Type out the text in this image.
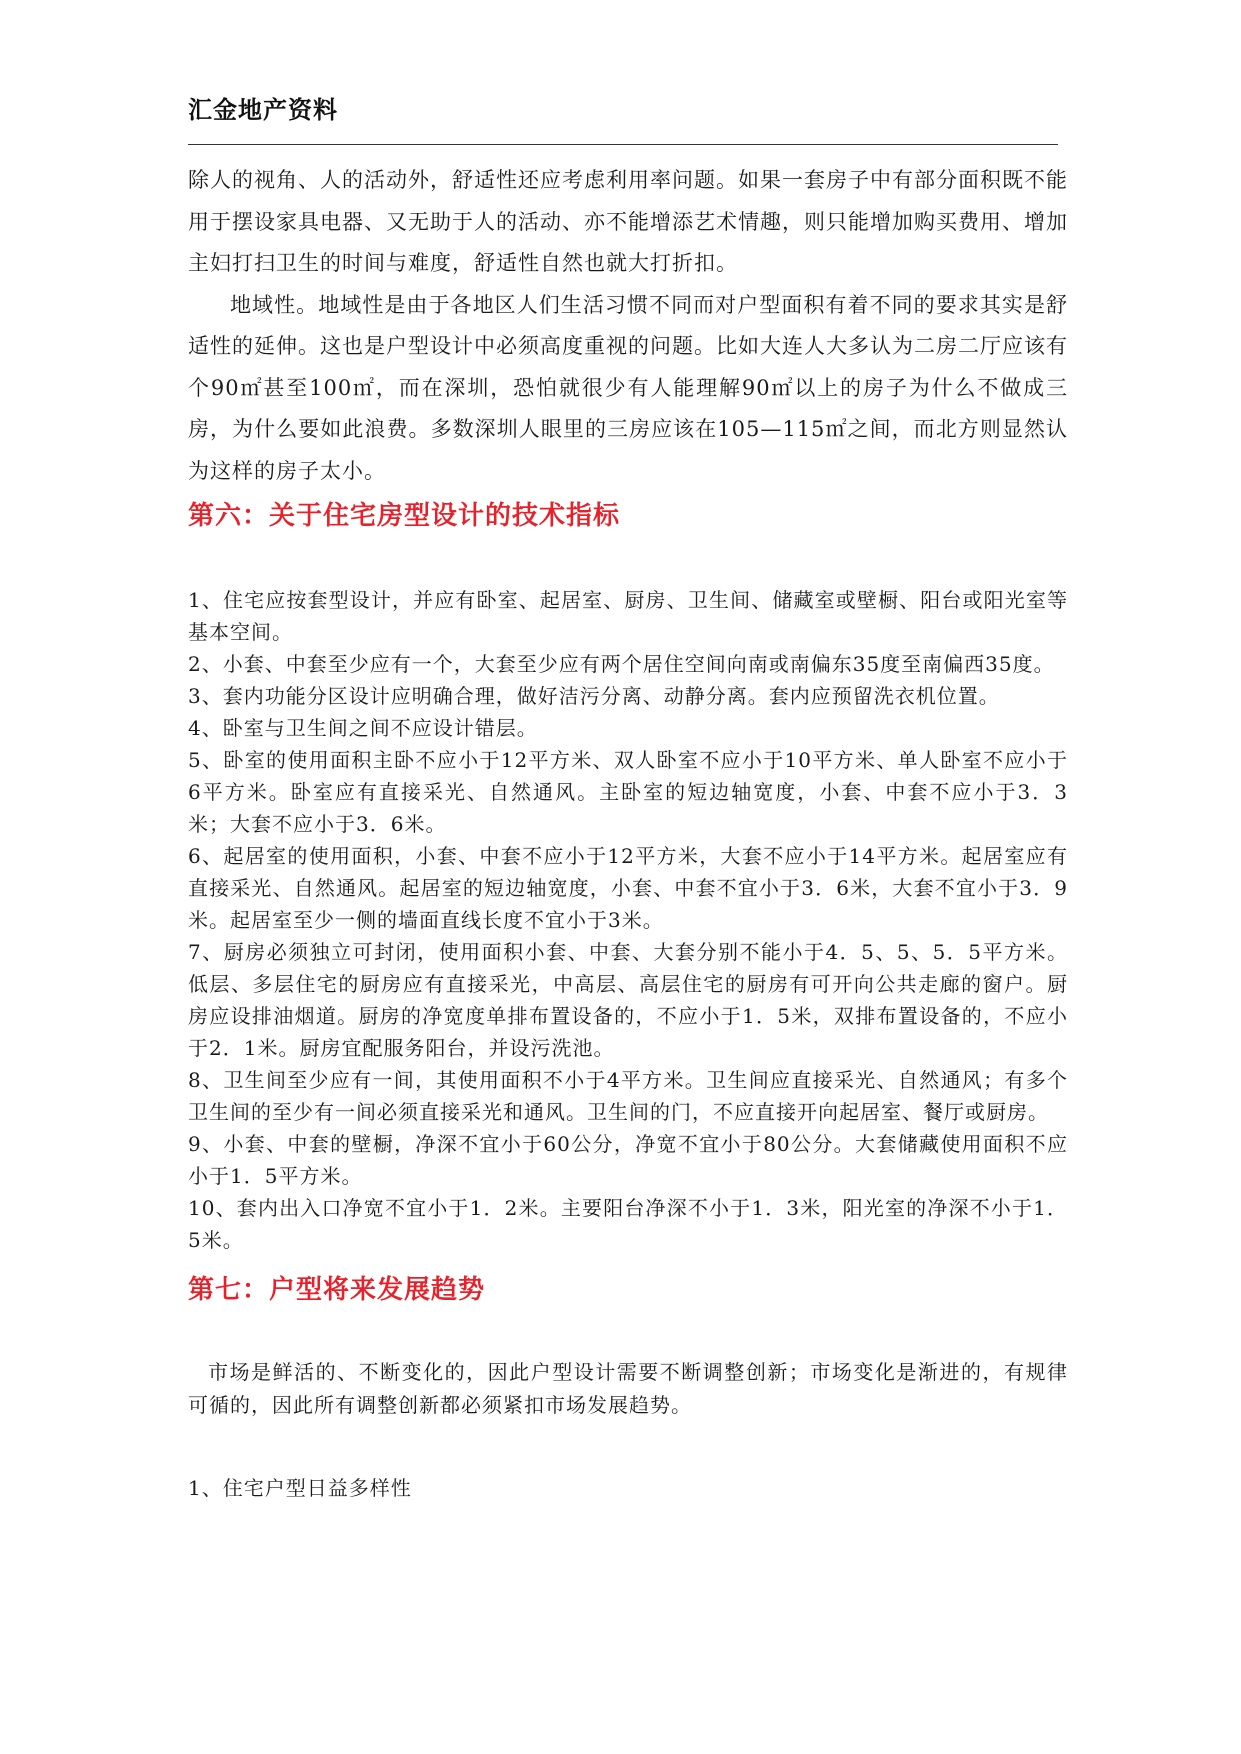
汇金地产资料

除人的视角、人的活动外，舒适性还应考虑利用率问题。如果一套房子中有部分面积既不能用于摆设家具电器、又无助于人的活动、亦不能增添艺术情趣，则只能增加购买费用、增加主妇打扫卫生的时间与难度，舒适性自然也就大打折扣。

地域性。地域性是由于各地区人们生活习惯不同而对户型面积有着不同的要求其实是舒适性的延伸。这也是户型设计中必须高度重视的问题。比如大连人大多认为二房二厅应该有个90㎡甚至100㎡，而在深圳，恐怕就很少有人能理解90㎡以上的房子为什么不做成三房，为什么要如此浪费。多数深圳人眼里的三房应该在105—115㎡之间，而北方则显然认为这样的房子太小。

第六：关于住宅房型设计的技术指标
1、住宅应按套型设计，并应有卧室、起居室、厨房、卫生间、储藏室或壁橱、阳台或阳光室等基本空间。
2、小套、中套至少应有一个，大套至少应有两个居住空间向南或南偏东35度至南偏西35度。
3、套内功能分区设计应明确合理，做好洁污分离、动静分离。套内应预留洗衣机位置。
4、卧室与卫生间之间不应设计错层。
5、卧室的使用面积主卧不应小于12平方米、双人卧室不应小于10平方米、单人卧室不应小于6平方米。卧室应有直接采光、自然通风。主卧室的短边轴宽度，小套、中套不应小于3．3米；大套不应小于3．6米。
6、起居室的使用面积，小套、中套不应小于12平方米，大套不应小于14平方米。起居室应有直接采光、自然通风。起居室的短边轴宽度，小套、中套不宜小于3．6米，大套不宜小于3．9米。起居室至少一侧的墙面直线长度不宜小于3米。
7、厨房必须独立可封闭，使用面积小套、中套、大套分别不能小于4．5、5、5．5平方米。低层、多层住宅的厨房应有直接采光，中高层、高层住宅的厨房有可开向公共走廊的窗户。厨房应设排油烟道。厨房的净宽度单排布置设备的，不应小于1．5米，双排布置设备的，不应小于2．1米。厨房宜配服务阳台，并设污洗池。
8、卫生间至少应有一间，其使用面积不小于4平方米。卫生间应直接采光、自然通风；有多个卫生间的至少有一间必须直接采光和通风。卫生间的门，不应直接开向起居室、餐厅或厨房。
9、小套、中套的壁橱，净深不宜小于60公分，净宽不宜小于80公分。大套储藏使用面积不应小于1．5平方米。
10、套内出入口净宽不宜小于1．2米。主要阳台净深不小于1．3米，阳光室的净深不小于1．5米。
第七：户型将来发展趋势

市场是鲜活的、不断变化的，因此户型设计需要不断调整创新；市场变化是渐进的，有规律可循的，因此所有调整创新都必须紧扣市场发展趋势。

1、住宅户型日益多样性
